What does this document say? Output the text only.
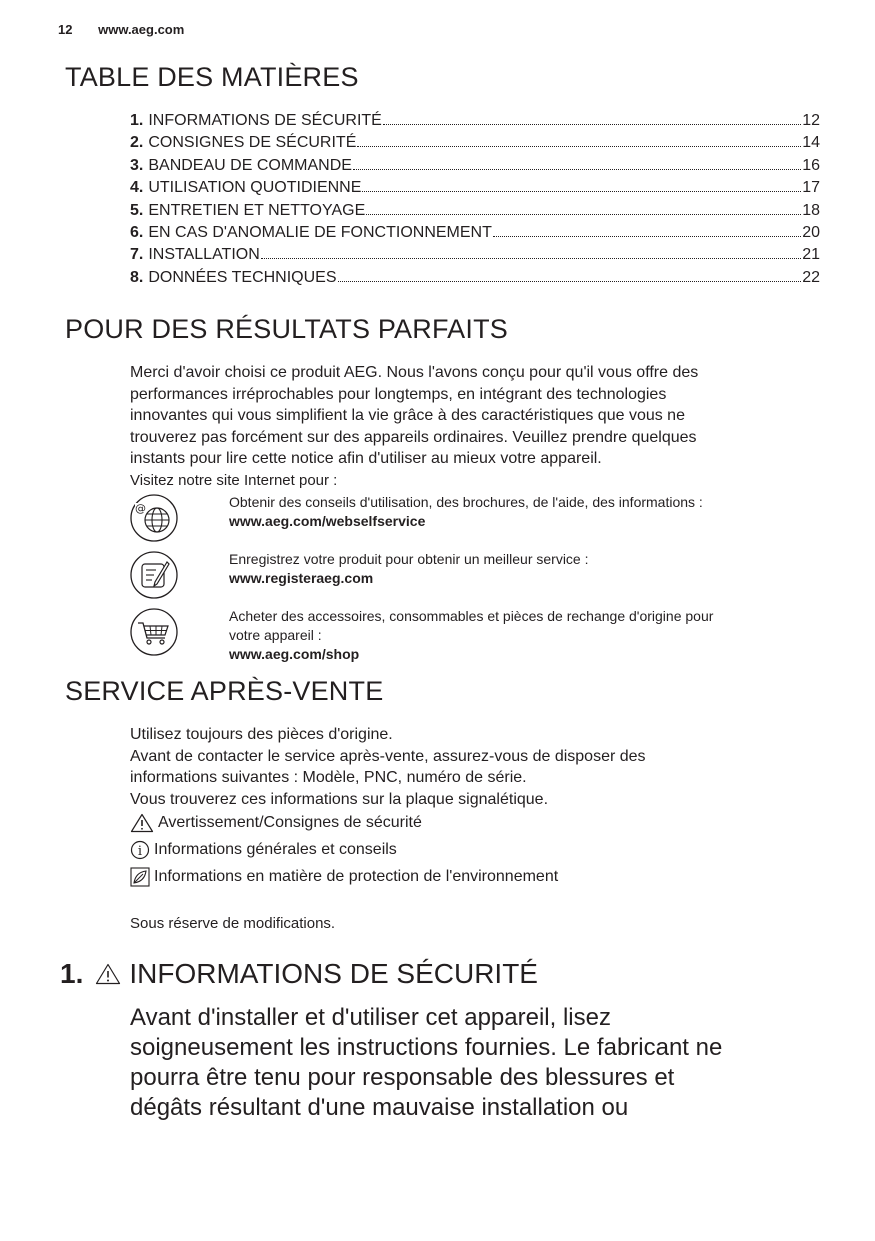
12 www.aeg.com
TABLE DES MATIÈRES
1. INFORMATIONS DE SÉCURITÉ	12
2. CONSIGNES DE SÉCURITÉ	14
3. BANDEAU DE COMMANDE	16
4. UTILISATION QUOTIDIENNE	17
5. ENTRETIEN ET NETTOYAGE	18
6. EN CAS D'ANOMALIE DE FONCTIONNEMENT	20
7. INSTALLATION	21
8. DONNÉES TECHNIQUES	22
POUR DES RÉSULTATS PARFAITS

Merci d'avoir choisi ce produit AEG. Nous l'avons conçu pour qu'il vous offre des

performances irréprochables pour longtemps, en intégrant des technologies

innovantes qui vous simplifient la vie grâce à des caractéristiques que vous ne

trouverez pas forcément sur des appareils ordinaires. Veuillez prendre quelques

instants pour lire cette notice afin d'utiliser au mieux votre appareil.

Visitez notre site Internet pour :

@	Obtenir des conseils d'utilisation, des brochures, de l'aide, des informations :
www.aeg.com/webselfservice
Enregistrez votre produit pour obtenir un meilleur service :
www.registeraeg.com
Acheter des accessoires, consommables et pièces de rechange d'origine pour
votre appareil :
www.aeg.com/shop
SERVICE APRÈS-VENTE

Utilisez toujours des pièces d'origine.

Avant de contacter le service après-vente, assurez-vous de disposer des

informations suivantes : Modèle, PNC, numéro de série.

Vous trouverez ces informations sur la plaque signalétique.

Avertissement/Consignes de sécurité
i Informations générales et conseils
Informations en matière de protection de l'environnement
Sous réserve de modifications.
1. INFORMATIONS DE SÉCURITÉ
Avant d'installer et d'utiliser cet appareil, lisez
soigneusement les instructions fournies. Le fabricant ne
pourra être tenu pour responsable des blessures et
dégâts résultant d'une mauvaise installation ou
